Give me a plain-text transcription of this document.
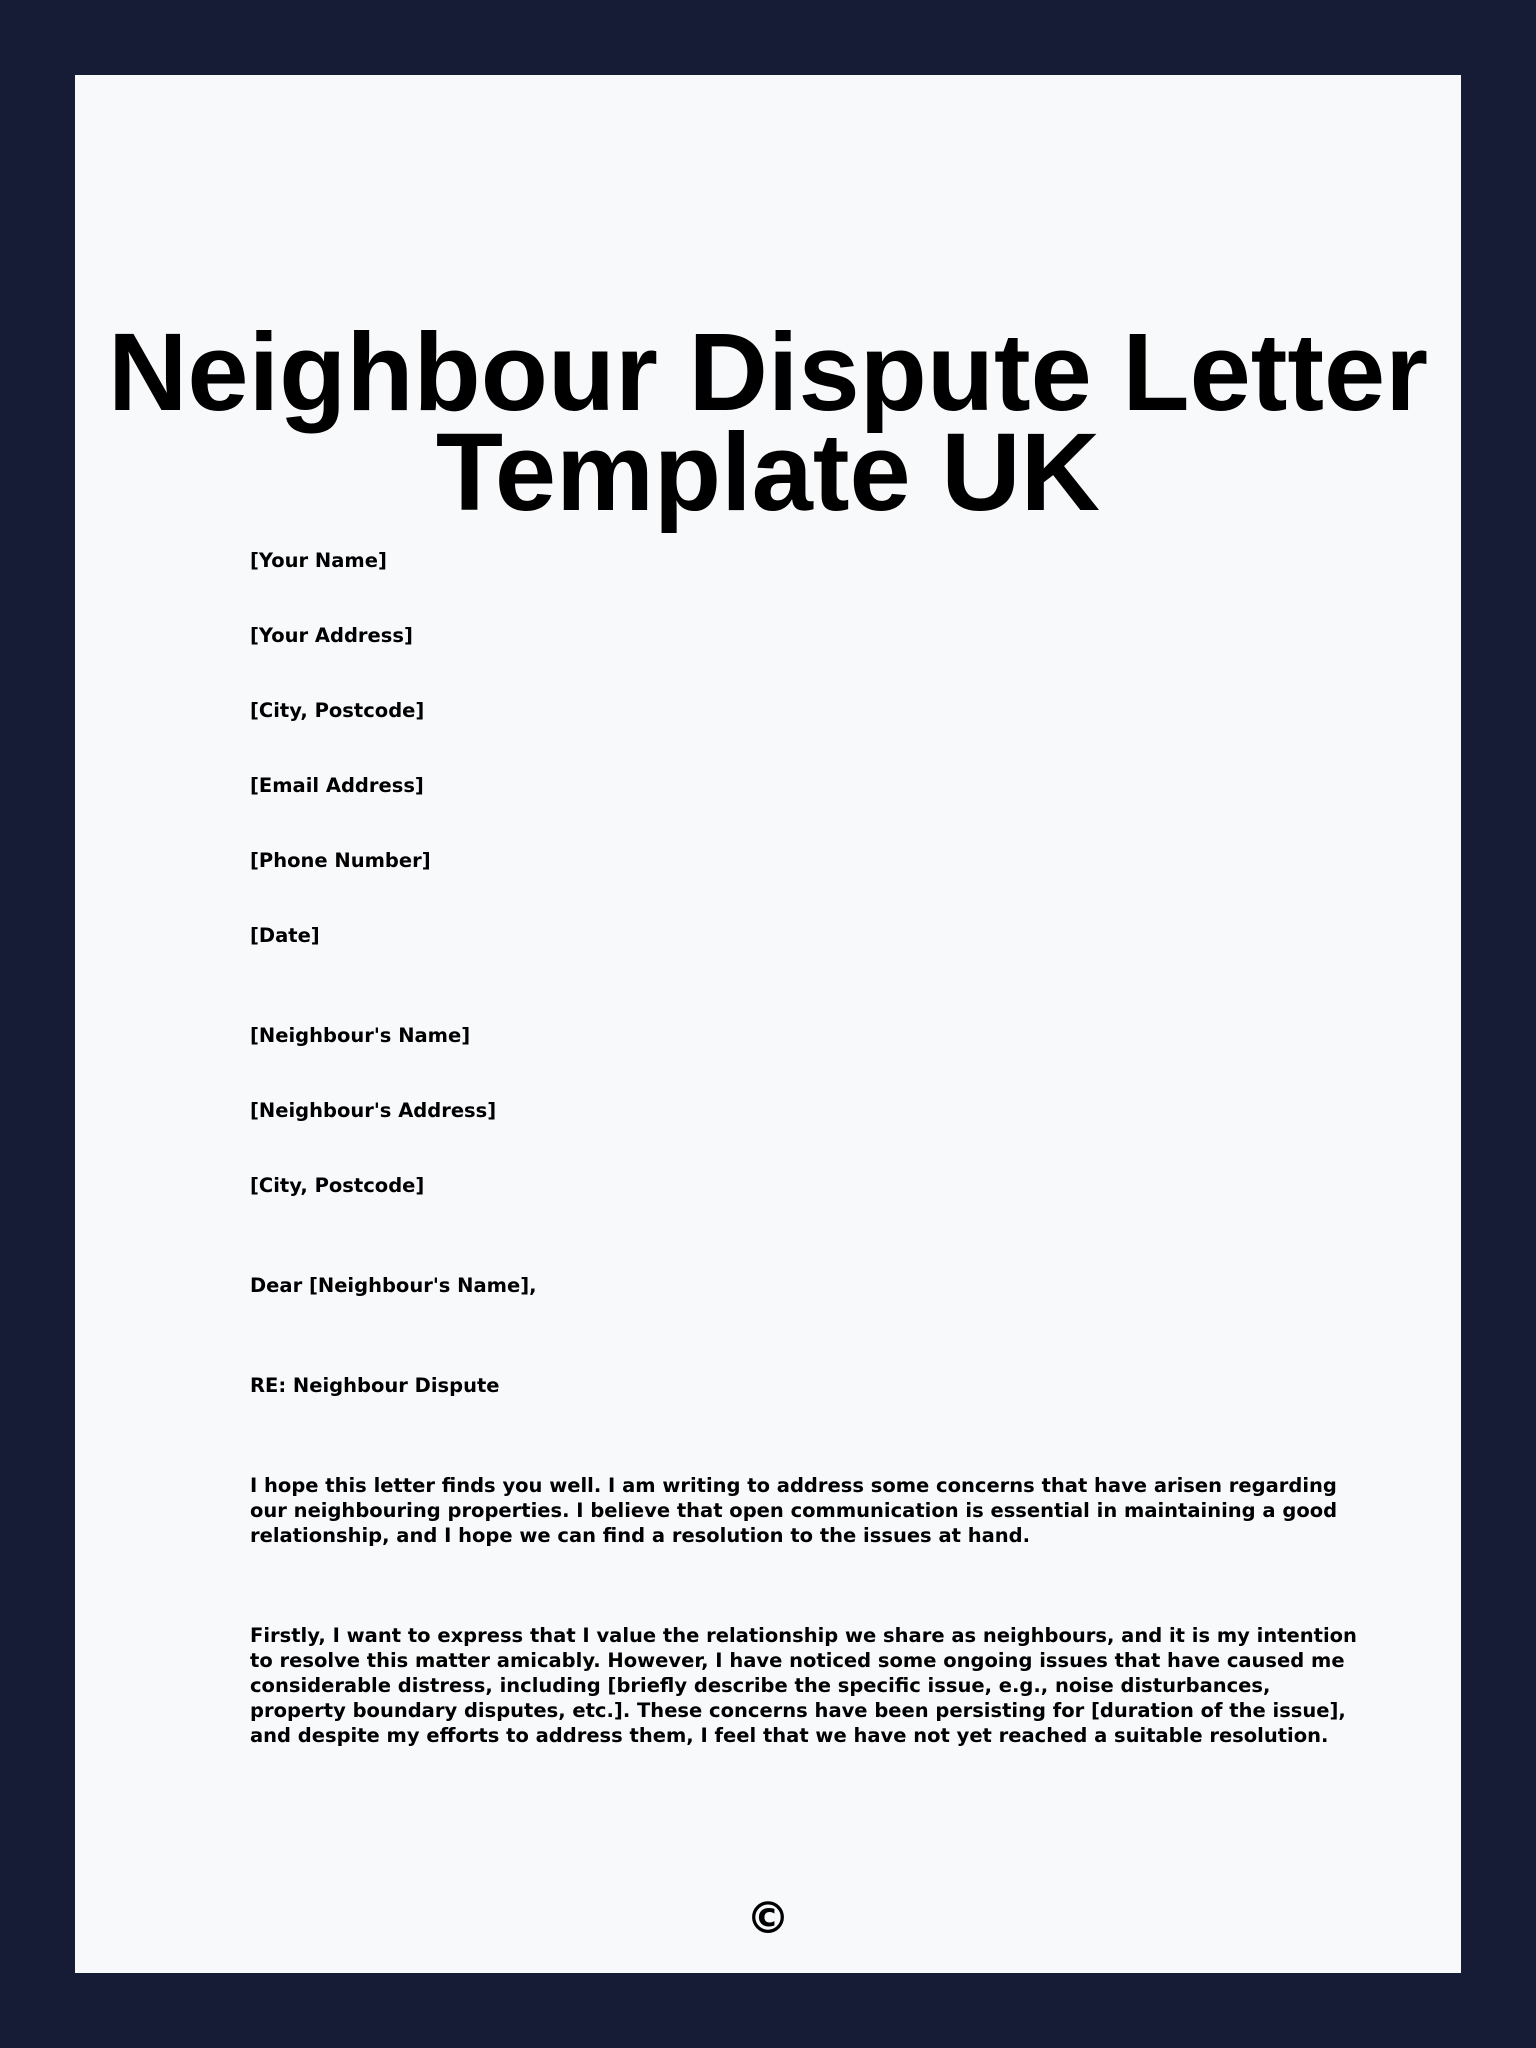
Neighbour Dispute Letter
Template UK

[Your Name]

[Your Address]

[City, Postcode]

[Email Address]

[Phone Number]

[Date]

[Neighbour's Name]

[Neighbour's Address]

[City, Postcode]

Dear [Neighbour's Name],

RE: Neighbour Dispute

I hope this letter finds you well. I am writing to address some concerns that have arisen regarding our neighbouring properties. I believe that open communication is essential in maintaining a good relationship, and I hope we can find a resolution to the issues at hand.

Firstly, I want to express that I value the relationship we share as neighbours, and it is my intention to resolve this matter amicably. However, I have noticed some ongoing issues that have caused me considerable distress, including [briefly describe the specific issue, e.g., noise disturbances, property boundary disputes, etc.]. These concerns have been persisting for [duration of the issue], and despite my efforts to address them, I feel that we have not yet reached a suitable resolution.

©
